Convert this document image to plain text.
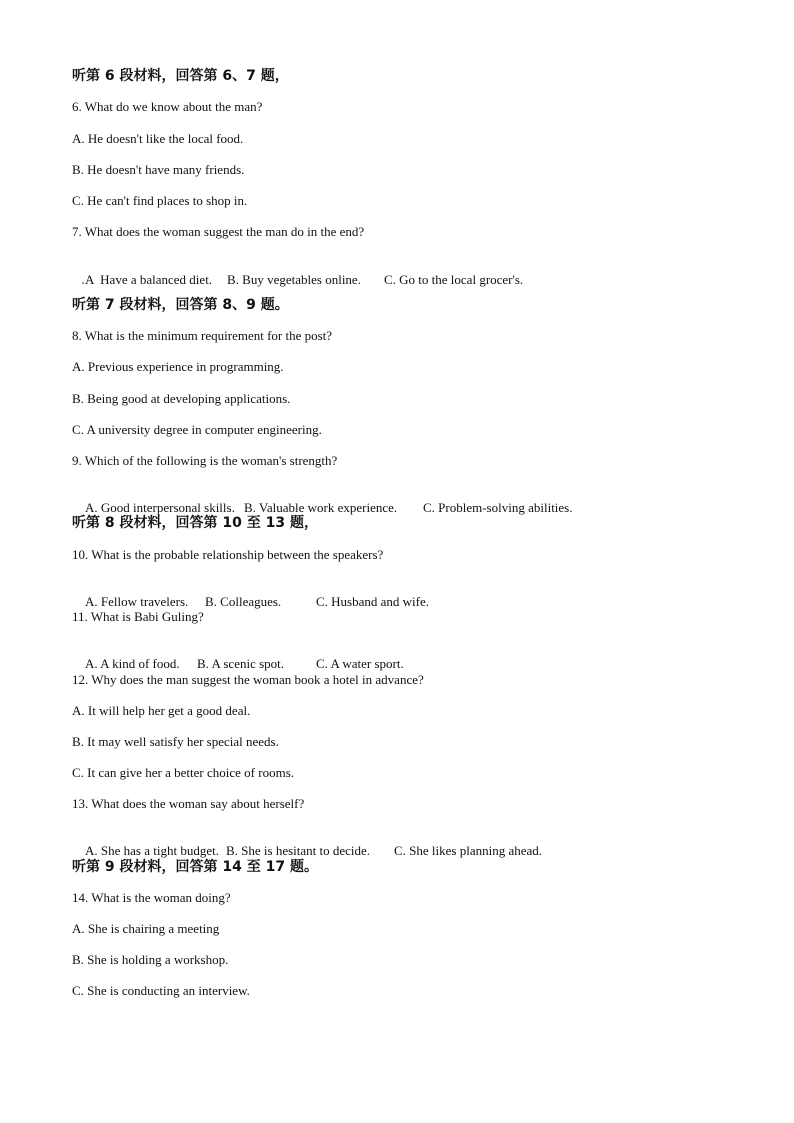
听第 6 段材料，回答第 6、7 题，
6. What do we know about the man?
A. He doesn't like the local food.
B. He doesn't have many friends.
C. He can't find places to shop in.
7. What does the woman suggest the man do in the end?

A  Have a balanced diet. B. Buy vegetables online. C. Go to the local grocer's.

听第 7 段材料，回答第 8、9 题。
8. What is the minimum requirement for the post?
A. Previous experience in programming.
B. Being good at developing applications.
C. A university degree in computer engineering.
9. Which of the following is the woman's strength?

A. Good interpersonal skills. B. Valuable work experience. C. Problem-solving abilities.

听第 8 段材料，回答第 10 至 13 题，
10. What is the probable relationship between the speakers?

A. Fellow travelers. B. Colleagues.	C. Husband and wife.

11. What is Babi Guling?

A. A kind of food. B. A scenic spot. C. A water sport.

12. Why does the man suggest the woman book a hotel in advance?
A. It will help her get a good deal.
B. It may well satisfy her special needs.
C. It can give her a better choice of rooms.
13. What does the woman say about herself?

A. She has a tight budget. B. She is hesitant to decide. C. She likes planning ahead.

听第 9 段材料，回答第 14 至 17 题。
14. What is the woman doing?
A. She is chairing a meeting
B. She is holding a workshop.
C. She is conducting an interview.
